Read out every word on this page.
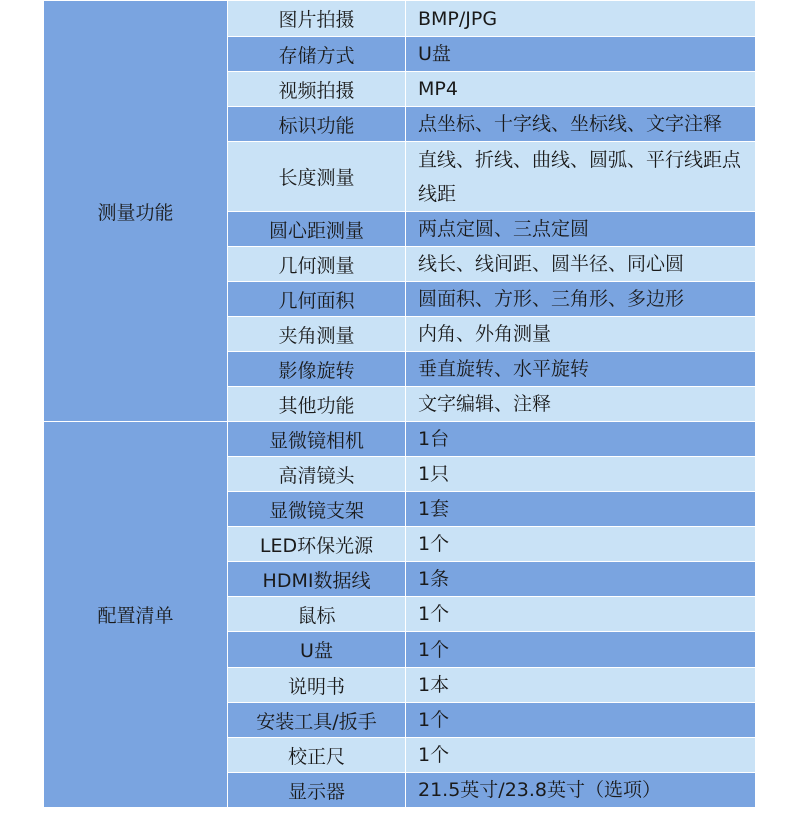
测量功能	图片拍摄	BMP/JPG
	存储方式	U盘
	视频拍摄	MP4
	标识功能	点坐标、十字线、坐标线、文字注释
	长度测量	直线、折线、曲线、圆弧、平行线距点线距
	圆心距测量	两点定圆、三点定圆
	几何测量	线长、线间距、圆半径、同心圆
	几何面积	圆面积、方形、三角形、多边形
	夹角测量	内角、外角测量
	影像旋转	垂直旋转、水平旋转
	其他功能	文字编辑、注释
配置清单	显微镜相机	1台
	高清镜头	1只
	显微镜支架	1套
	LED环保光源	1个
	HDMI数据线	1条
	鼠标	1个
	U盘	1个
	说明书	1本
	安装工具/扳手	1个
	校正尺	1个
	显示器	21.5英寸/23.8英寸（选项）
